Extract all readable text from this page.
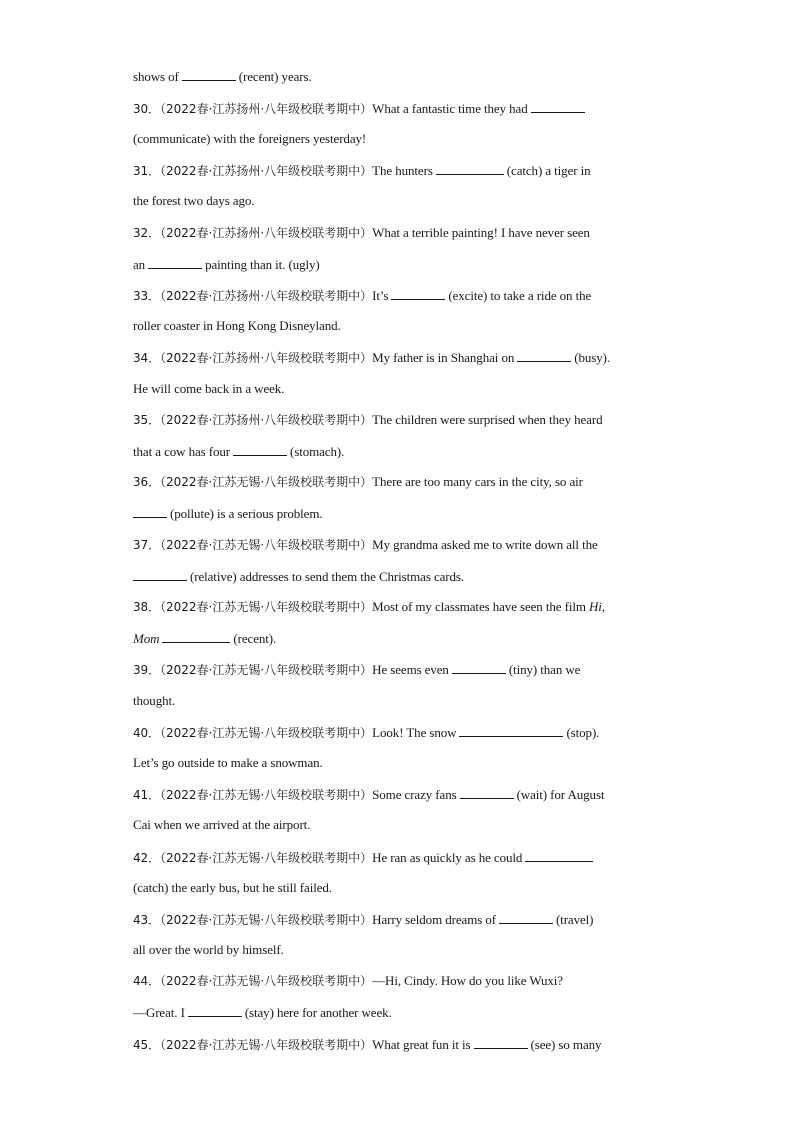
shows of	(recent) years.
30．（2022春·江苏扬州·八年级校联考期中）What a fantastic time they had
(communicate) with the foreigners yesterday!
31．（2022春·江苏扬州·八年级校联考期中）The hunters	(catch) a tiger in
the forest two days ago.
32．（2022春·江苏扬州·八年级校联考期中）What a terrible painting! I have never seen
an	painting than it. (ugly)
33．（2022春·江苏扬州·八年级校联考期中）It’s	(excite) to take a ride on the
roller coaster in Hong Kong Disneyland.
34．（2022春·江苏扬州·八年级校联考期中）My father is in Shanghai on	(busy).
He will come back in a week.
35．（2022春·江苏扬州·八年级校联考期中）The children were surprised when they heard
that a cow has four	(stomach).
36．（2022春·江苏无锡·八年级校联考期中）There are too many cars in the city, so air
(pollute) is a serious problem.
37．（2022春·江苏无锡·八年级校联考期中）My grandma asked me to write down all the
(relative) addresses to send them the Christmas cards.
38．（2022春·江苏无锡·八年级校联考期中）Most of my classmates have seen the film Hi,
Mom	(recent).
39．（2022春·江苏无锡·八年级校联考期中）He seems even	(tiny) than we
thought.
40．（2022春·江苏无锡·八年级校联考期中）Look! The snow	(stop).
Let’s go outside to make a snowman.
41．（2022春·江苏无锡·八年级校联考期中）Some crazy fans	(wait) for August
Cai when we arrived at the airport.
42．（2022春·江苏无锡·八年级校联考期中）He ran as quickly as he could
(catch) the early bus, but he still failed.
43．（2022春·江苏无锡·八年级校联考期中）Harry seldom dreams of	(travel)
all over the world by himself.
44．（2022春·江苏无锡·八年级校联考期中）—Hi, Cindy. How do you like Wuxi?
—Great. I	(stay) here for another week.
45．（2022春·江苏无锡·八年级校联考期中）What great fun it is	(see) so many
